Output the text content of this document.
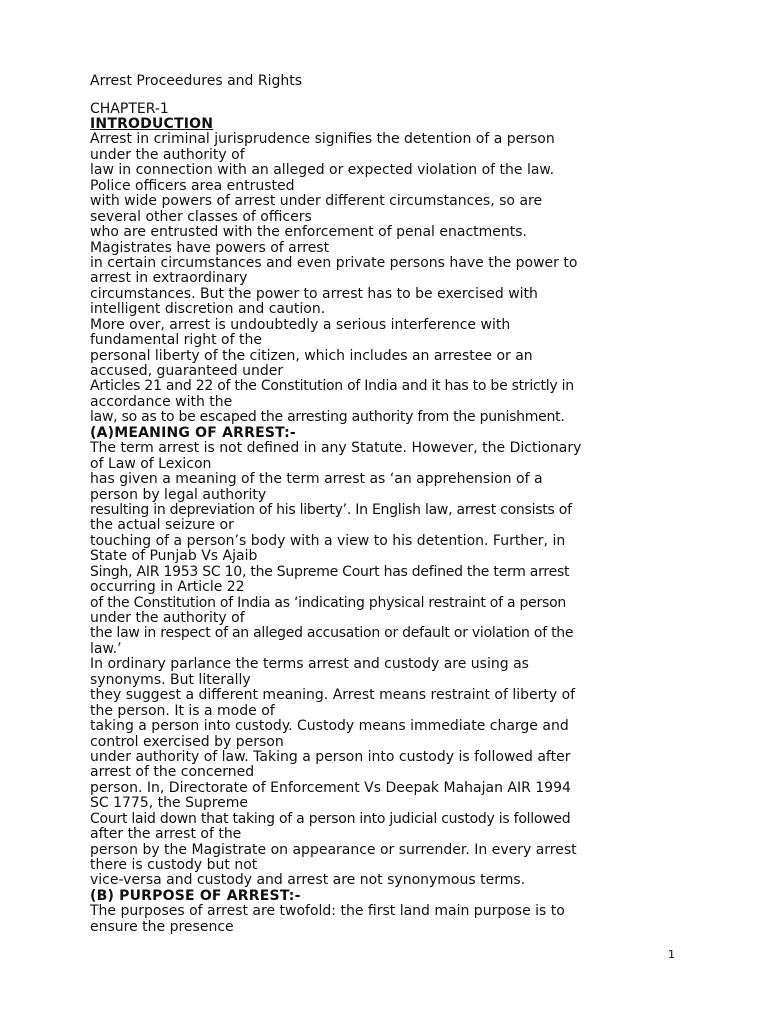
Arrest Proceedures and Rights
CHAPTER-1
INTRODUCTION
Arrest in criminal jurisprudence signifies the detention of a person
under the authority of
law in connection with an alleged or expected violation of the law.
Police officers area entrusted
with wide powers of arrest under different circumstances, so are
several other classes of officers
who are entrusted with the enforcement of penal enactments.
Magistrates have powers of arrest
in certain circumstances and even private persons have the power to
arrest in extraordinary
circumstances. But the power to arrest has to be exercised with
intelligent discretion and caution.
More over, arrest is undoubtedly a serious interference with
fundamental right of the
personal liberty of the citizen, which includes an arrestee or an
accused, guaranteed under
Articles 21 and 22 of the Constitution of India and it has to be strictly in
accordance with the
law, so as to be escaped the arresting authority from the punishment.
(A)MEANING OF ARREST:-
The term arrest is not defined in any Statute. However, the Dictionary
of Law of Lexicon
has given a meaning of the term arrest as ‘an apprehension of a
person by legal authority
resulting in depreviation of his liberty’. In English law, arrest consists of
the actual seizure or
touching of a person’s body with a view to his detention. Further, in
State of Punjab Vs Ajaib
Singh, AIR 1953 SC 10, the Supreme Court has defined the term arrest
occurring in Article 22
of the Constitution of India as ‘indicating physical restraint of a person
under the authority of
the law in respect of an alleged accusation or default or violation of the
law.’
In ordinary parlance the terms arrest and custody are using as
synonyms. But literally
they suggest a different meaning. Arrest means restraint of liberty of
the person. It is a mode of
taking a person into custody. Custody means immediate charge and
control exercised by person
under authority of law. Taking a person into custody is followed after
arrest of the concerned
person. In, Directorate of Enforcement Vs Deepak Mahajan AIR 1994
SC 1775, the Supreme
Court laid down that taking of a person into judicial custody is followed
after the arrest of the
person by the Magistrate on appearance or surrender. In every arrest
there is custody but not
vice-versa and custody and arrest are not synonymous terms.
(B) PURPOSE OF ARREST:-
The purposes of arrest are twofold: the first land main purpose is to
ensure the presence
1
